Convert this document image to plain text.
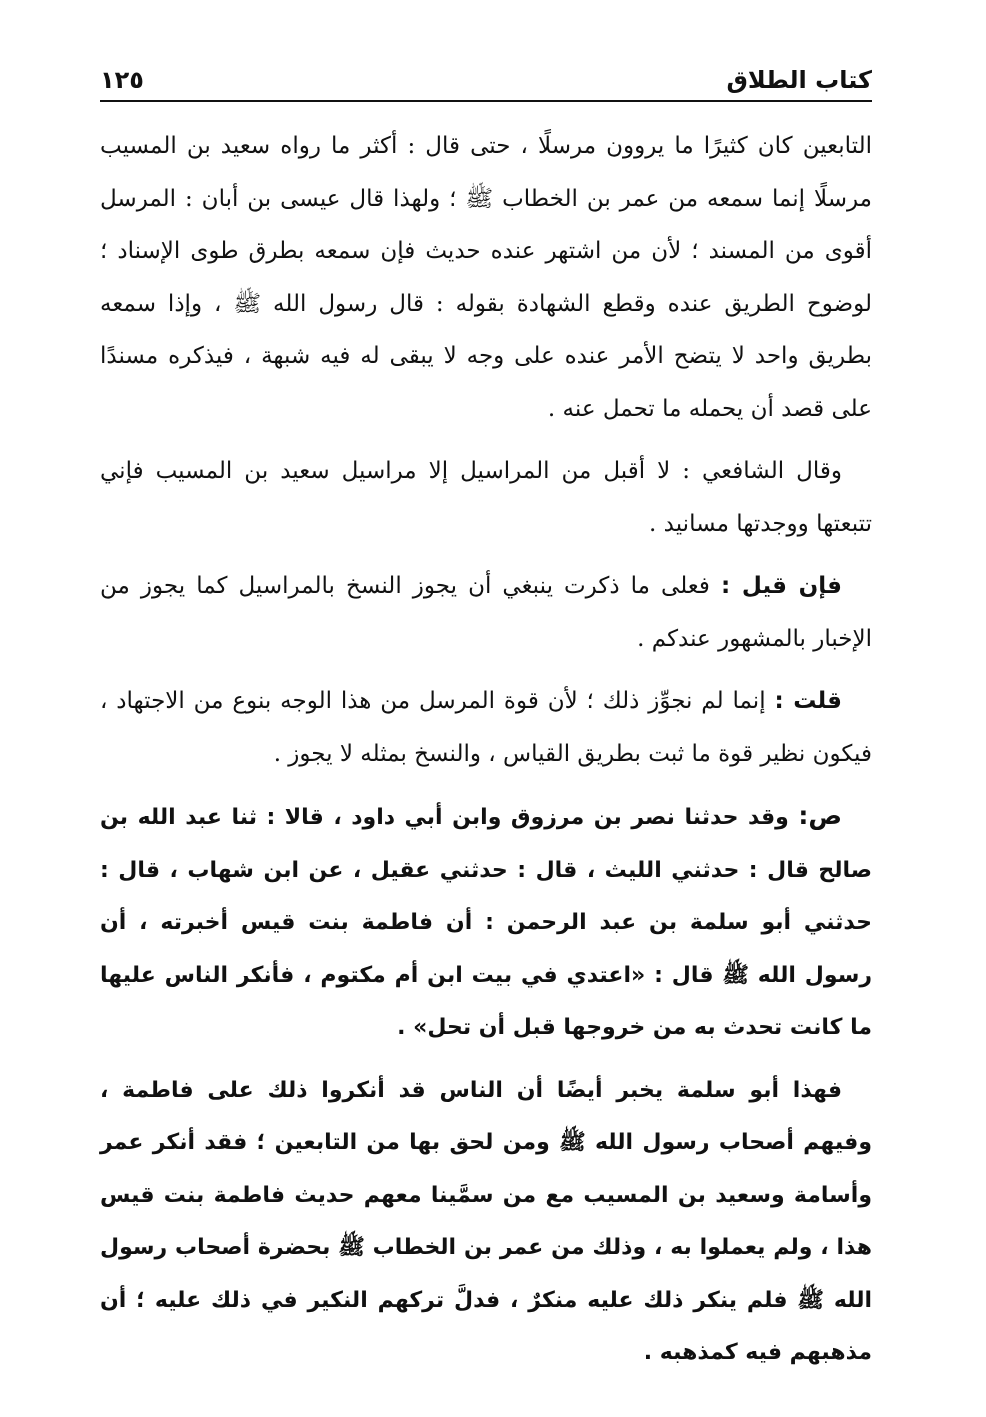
كتاب الطلاق
١٢٥

التابعين كان كثيرًا ما يروون مرسلًا ، حتى قال : أكثر ما رواه سعيد بن المسيب مرسلًا إنما سمعه من عمر بن الخطاب ﷺ ؛ ولهذا قال عيسى بن أبان : المرسل أقوى من المسند ؛ لأن من اشتهر عنده حديث فإن سمعه بطرق طوى الإسناد ؛ لوضوح الطريق عنده وقطع الشهادة بقوله : قال رسول الله ﷺ ، وإذا سمعه بطريق واحد لا يتضح الأمر عنده على وجه لا يبقى له فيه شبهة ، فيذكره مسندًا على قصد أن يحمله ما تحمل عنه .

وقال الشافعي : لا أقبل من المراسيل إلا مراسيل سعيد بن المسيب فإني تتبعتها ووجدتها مسانيد .

فإن قيل : فعلى ما ذكرت ينبغي أن يجوز النسخ بالمراسيل كما يجوز من الإخبار بالمشهور عندكم .

قلت : إنما لم نجوِّز ذلك ؛ لأن قوة المرسل من هذا الوجه بنوع من الاجتهاد ، فيكون نظير قوة ما ثبت بطريق القياس ، والنسخ بمثله لا يجوز .

ص: وقد حدثنا نصر بن مرزوق وابن أبي داود ، قالا : ثنا عبد الله بن صالح قال : حدثني الليث ، قال : حدثني عقيل ، عن ابن شهاب ، قال : حدثني أبو سلمة بن عبد الرحمن : أن فاطمة بنت قيس أخبرته ، أن رسول الله ﷺ قال : «اعتدي في بيت ابن أم مكتوم ، فأنكر الناس عليها ما كانت تحدث به من خروجها قبل أن تحل» .

فهذا أبو سلمة يخبر أيضًا أن الناس قد أنكروا ذلك على فاطمة ، وفيهم أصحاب رسول الله ﷺ ومن لحق بها من التابعين ؛ فقد أنكر عمر وأسامة وسعيد بن المسيب مع من سمَّينا معهم حديث فاطمة بنت قيس هذا ، ولم يعملوا به ، وذلك من عمر بن الخطاب ﷺ بحضرة أصحاب رسول الله ﷺ فلم ينكر ذلك عليه منكرٌ ، فدلَّ تركهم النكير في ذلك عليه ؛ أن مذهبهم فيه كمذهبه .
